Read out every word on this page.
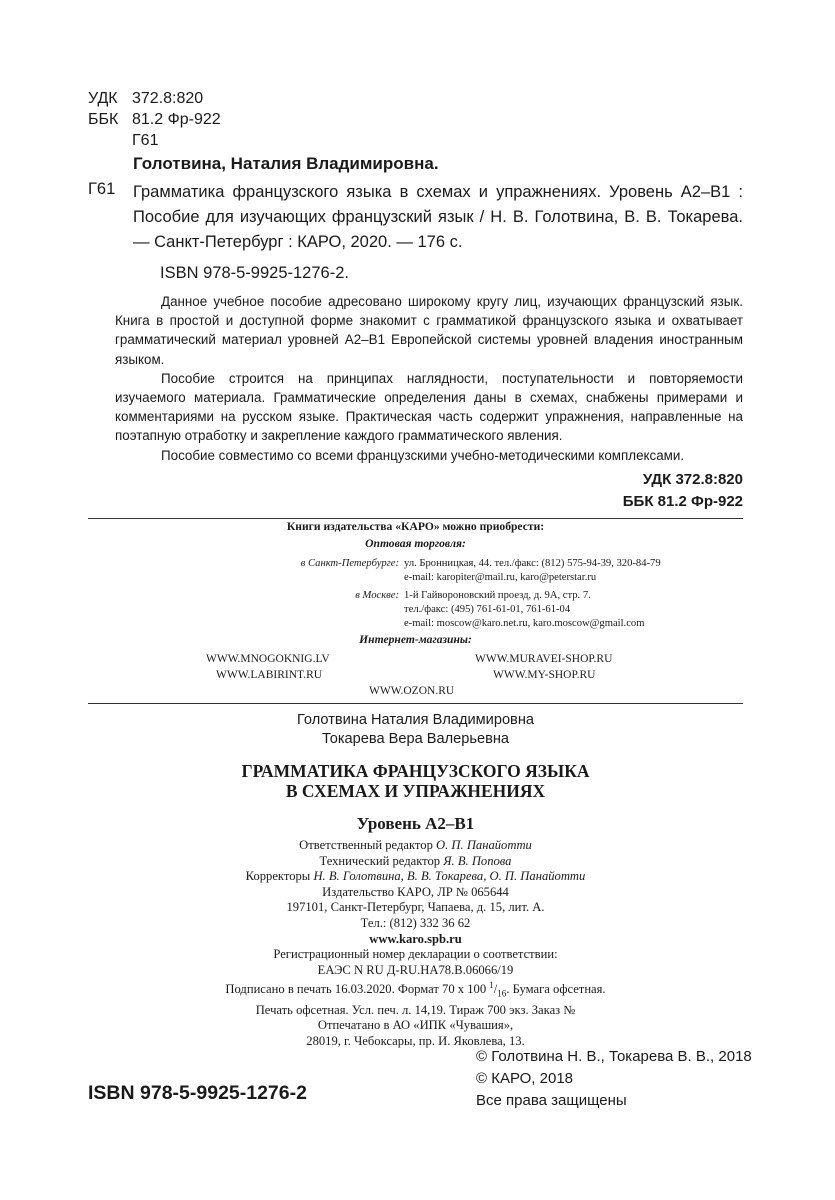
УДК 372.8:820
ББК 81.2 Фр-922
Г61
Голотвина, Наталия Владимировна.
Г61 Грамматика французского языка в схемах и упражнениях. Уровень А2–В1 : Пособие для изучающих французский язык / Н. В. Голотвина, В. В. Токарева. — Санкт-Петербург : КАРО, 2020. — 176 с.
ISBN 978-5-9925-1276-2.

Данное учебное пособие адресовано широкому кругу лиц, изучающих французский язык. Книга в простой и доступной форме знакомит с грамматикой французского языка и охватывает грамматический материал уровней А2–В1 Европейской системы уровней владения иностранным языком.

Пособие строится на принципах наглядности, поступательности и повторяемости изучаемого материала. Грамматические определения даны в схемах, снабжены примерами и комментариями на русском языке. Практическая часть содержит упражнения, направленные на поэтапную отработку и закрепление каждого грамматического явления.

Пособие совместимо со всеми французскими учебно-методическими комплексами.

УДК 372.8:820
ББК 81.2 Фр-922
Книги издательства «КАРО» можно приобрести:
Оптовая торговля:
в Санкт-Петербурге: ул. Бронницкая, 44. тел./факс: (812) 575-94-39, 320-84-79
e-mail: karopiter@mail.ru, karo@peterstar.ru
в Москве: 1-й Гайвороновский проезд, д. 9А, стр. 7.
тел./факс: (495) 761-61-01, 761-61-04
e-mail: moscow@karo.net.ru, karo.moscow@gmail.com
Интернет-магазины:
WWW.MNOGOKNIG.LV	WWW.MURAVEI-SHOP.RU
WWW.LABIRINT.RU	WWW.MY-SHOP.RU
WWW.OZON.RU
Голотвина Наталия Владимировна
Токарева Вера Валерьевна
ГРАММАТИКА ФРАНЦУЗСКОГО ЯЗЫКА
В СХЕМАХ И УПРАЖНЕНИЯХ
Уровень А2–В1
Ответственный редактор О. П. Панайотти
Технический редактор Я. В. Попова
Корректоры Н. В. Голотвина, В. В. Токарева, О. П. Панайотти
Издательство КАРО, ЛР № 065644
197101, Санкт-Петербург, Чапаева, д. 15, лит. А.
Тел.: (812) 332 36 62
www.karo.spb.ru
Регистрационный номер декларации о соответствии:
ЕАЭС N RU Д-RU.HA78.B.06066/19
Подписано в печать 16.03.2020. Формат 70 х 100 $^1/_{16}$. Бумага офсетная.
Печать офсетная. Усл. печ. л. 14,19. Тираж 700 экз. Заказ №
Отпечатано в АО «ИПК «Чувашия»,
28019, г. Чебоксары, пр. И. Яковлева, 13.
© Голотвина Н. В., Токарева В. В., 2018
© КАРО, 2018
Все права защищены
ISBN 978-5-9925-1276-2
